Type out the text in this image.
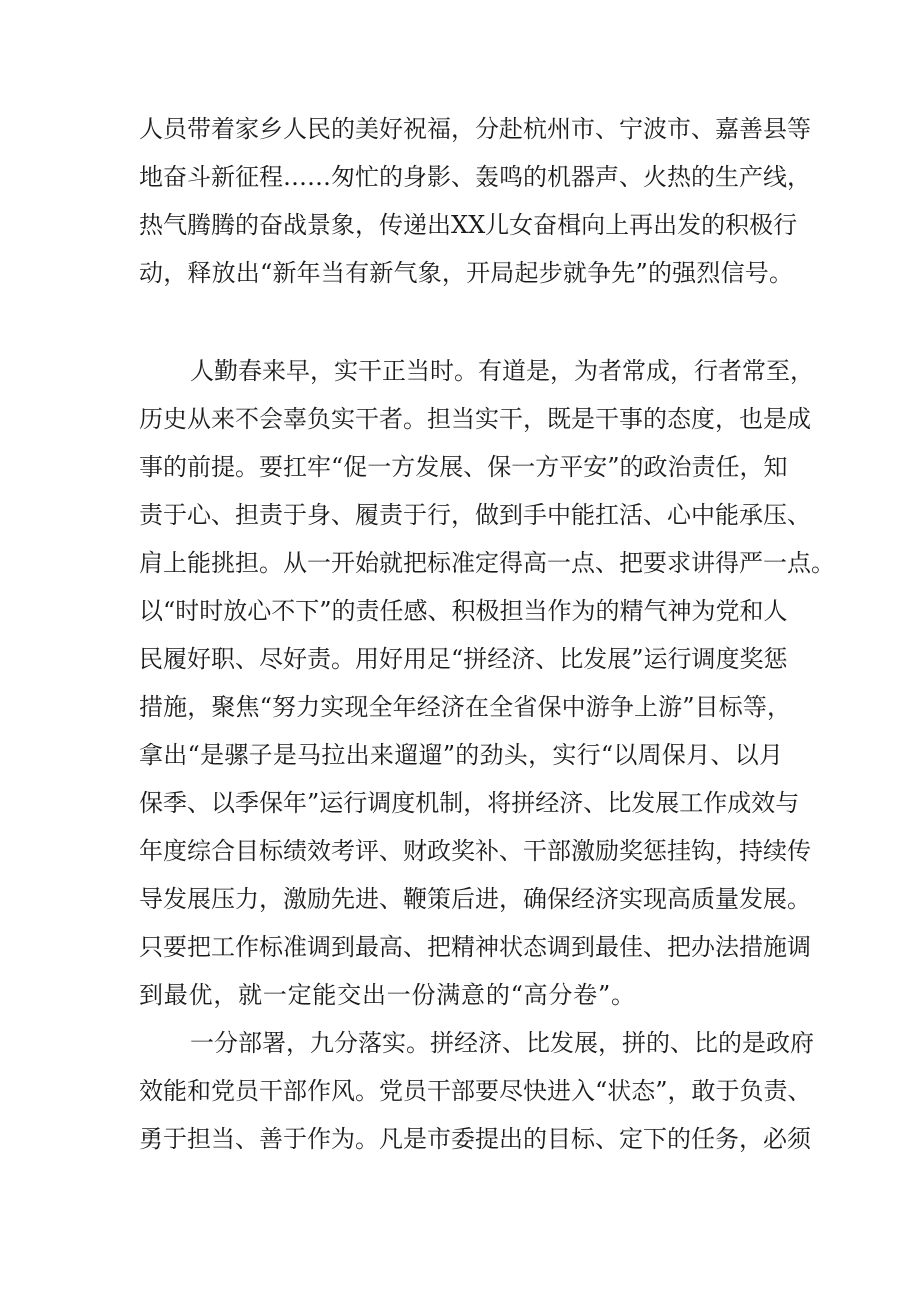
人员带着家乡人民的美好祝福，分赴杭州市、宁波市、嘉善县等
地奋斗新征程……匆忙的身影、轰鸣的机器声、火热的生产线，
热气腾腾的奋战景象，传递出XX儿女奋楫向上再出发的积极行
动，释放出“新年当有新气象，开局起步就争先”的强烈信号。
人勤春来早，实干正当时。有道是，为者常成，行者常至，
历史从来不会辜负实干者。担当实干，既是干事的态度，也是成
事的前提。要扛牢“促一方发展、保一方平安”的政治责任，知
责于心、担责于身、履责于行，做到手中能扛活、心中能承压、
肩上能挑担。从一开始就把标准定得高一点、把要求讲得严一点。
以“时时放心不下”的责任感、积极担当作为的精气神为党和人
民履好职、尽好责。用好用足“拼经济、比发展”运行调度奖惩
措施，聚焦“努力实现全年经济在全省保中游争上游”目标等，
拿出“是骡子是马拉出来遛遛”的劲头，实行“以周保月、以月
保季、以季保年”运行调度机制，将拼经济、比发展工作成效与
年度综合目标绩效考评、财政奖补、干部激励奖惩挂钩，持续传
导发展压力，激励先进、鞭策后进，确保经济实现高质量发展。
只要把工作标准调到最高、把精神状态调到最佳、把办法措施调
到最优，就一定能交出一份满意的“高分卷”。
一分部署，九分落实。拼经济、比发展，拼的、比的是政府
效能和党员干部作风。党员干部要尽快进入“状态”，敢于负责、
勇于担当、善于作为。凡是市委提出的目标、定下的任务，必须
